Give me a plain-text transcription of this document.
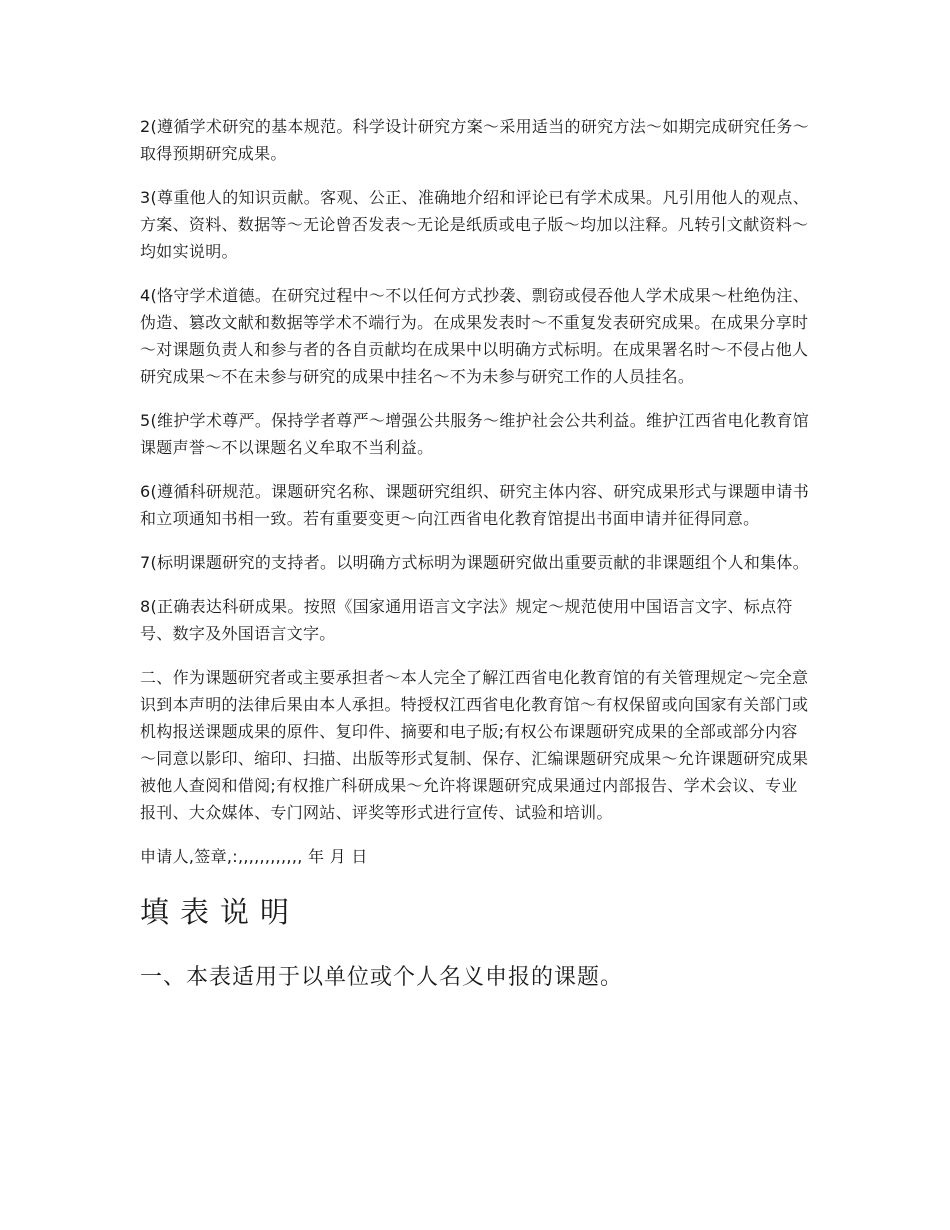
2(遵循学术研究的基本规范。科学设计研究方案～采用适当的研究方法～如期完成研究任务～取得预期研究成果。

3(尊重他人的知识贡献。客观、公正、准确地介绍和评论已有学术成果。凡引用他人的观点、方案、资料、数据等～无论曾否发表～无论是纸质或电子版～均加以注释。凡转引文献资料～均如实说明。

4(恪守学术道德。在研究过程中～不以任何方式抄袭、剽窃或侵吞他人学术成果～杜绝伪注、伪造、篡改文献和数据等学术不端行为。在成果发表时～不重复发表研究成果。在成果分享时～对课题负责人和参与者的各自贡献均在成果中以明确方式标明。在成果署名时～不侵占他人研究成果～不在未参与研究的成果中挂名～不为未参与研究工作的人员挂名。

5(维护学术尊严。保持学者尊严～增强公共服务～维护社会公共利益。维护江西省电化教育馆课题声誉～不以课题名义牟取不当利益。

6(遵循科研规范。课题研究名称、课题研究组织、研究主体内容、研究成果形式与课题申请书和立项通知书相一致。若有重要变更～向江西省电化教育馆提出书面申请并征得同意。

7(标明课题研究的支持者。以明确方式标明为课题研究做出重要贡献的非课题组个人和集体。

8(正确表达科研成果。按照《国家通用语言文字法》规定～规范使用中国语言文字、标点符号、数字及外国语言文字。

二、作为课题研究者或主要承担者～本人完全了解江西省电化教育馆的有关管理规定～完全意识到本声明的法律后果由本人承担。特授权江西省电化教育馆～有权保留或向国家有关部门或机构报送课题成果的原件、复印件、摘要和电子版;有权公布课题研究成果的全部或部分内容～同意以影印、缩印、扫描、出版等形式复制、保存、汇编课题研究成果～允许课题研究成果被他人查阅和借阅;有权推广科研成果～允许将课题研究成果通过内部报告、学术会议、专业报刊、大众媒体、专门网站、评奖等形式进行宣传、试验和培训。

申请人,签章,:,,,,,,,,,,,, 年 月 日

填表说明
一、本表适用于以单位或个人名义申报的课题。
